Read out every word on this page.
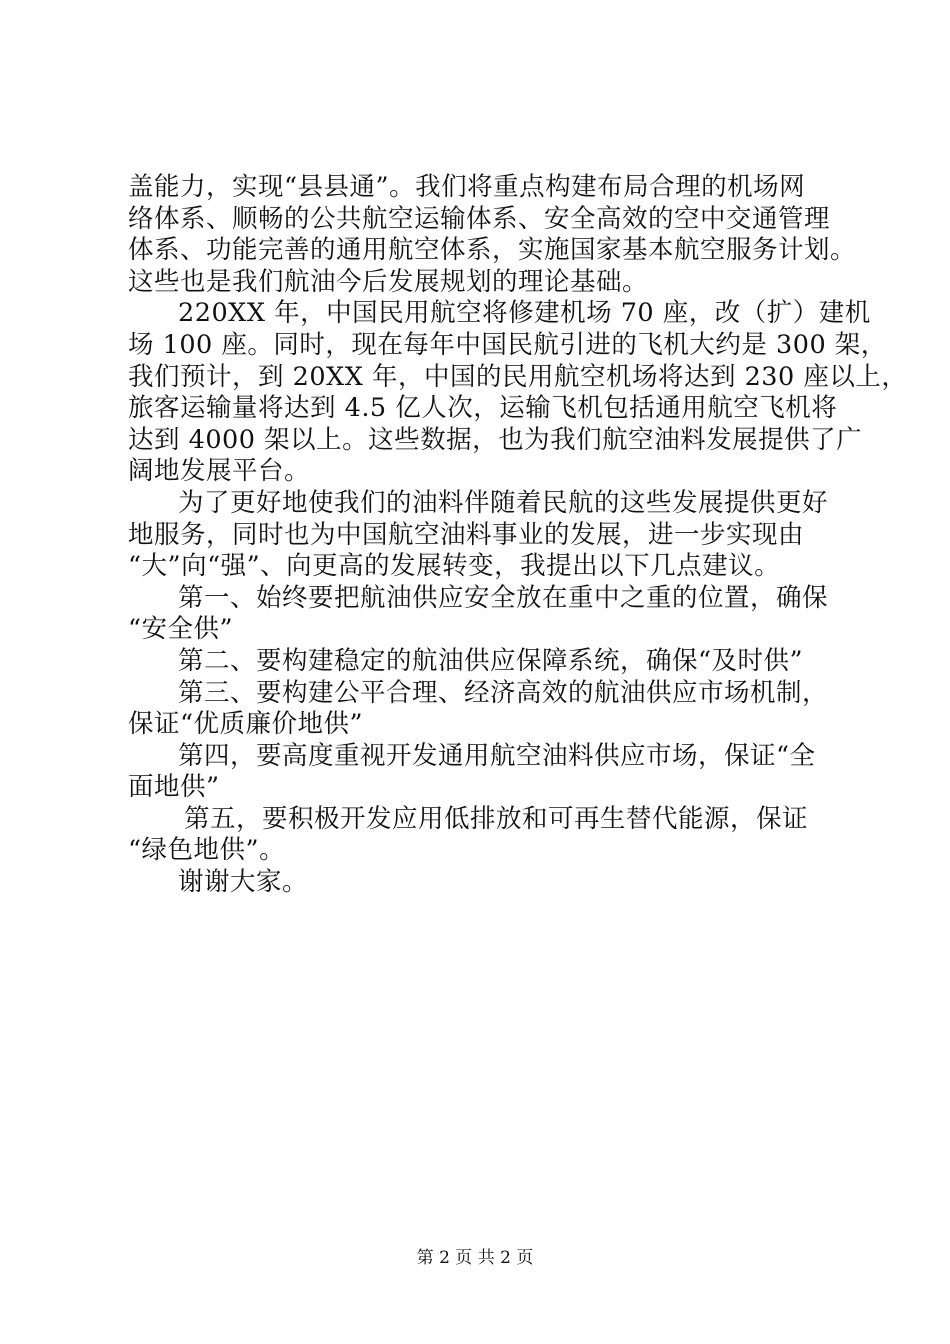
盖能力，实现“县县通”。我们将重点构建布局合理的机场网
络体系、顺畅的公共航空运输体系、安全高效的空中交通管理
体系、功能完善的通用航空体系，实施国家基本航空服务计划。
这些也是我们航油今后发展规划的理论基础。
220XX 年，中国民用航空将修建机场 70 座，改（扩）建机
场 100 座。同时，现在每年中国民航引进的飞机大约是 300 架，
我们预计，到 20XX 年，中国的民用航空机场将达到 230 座以上，
旅客运输量将达到 4.5 亿人次，运输飞机包括通用航空飞机将
达到 4000 架以上。这些数据，也为我们航空油料发展提供了广
阔地发展平台。
为了更好地使我们的油料伴随着民航的这些发展提供更好
地服务，同时也为中国航空油料事业的发展，进一步实现由
“大”向“强”、向更高的发展转变，我提出以下几点建议。
第一、始终要把航油供应安全放在重中之重的位置，确保
“安全供”
第二、要构建稳定的航油供应保障系统，确保“及时供”
第三、要构建公平合理、经济高效的航油供应市场机制，
保证“优质廉价地供”
第四，要高度重视开发通用航空油料供应市场，保证“全
面地供”
第五，要积极开发应用低排放和可再生替代能源，保证
“绿色地供”。
谢谢大家。
第 2 页 共 2 页
